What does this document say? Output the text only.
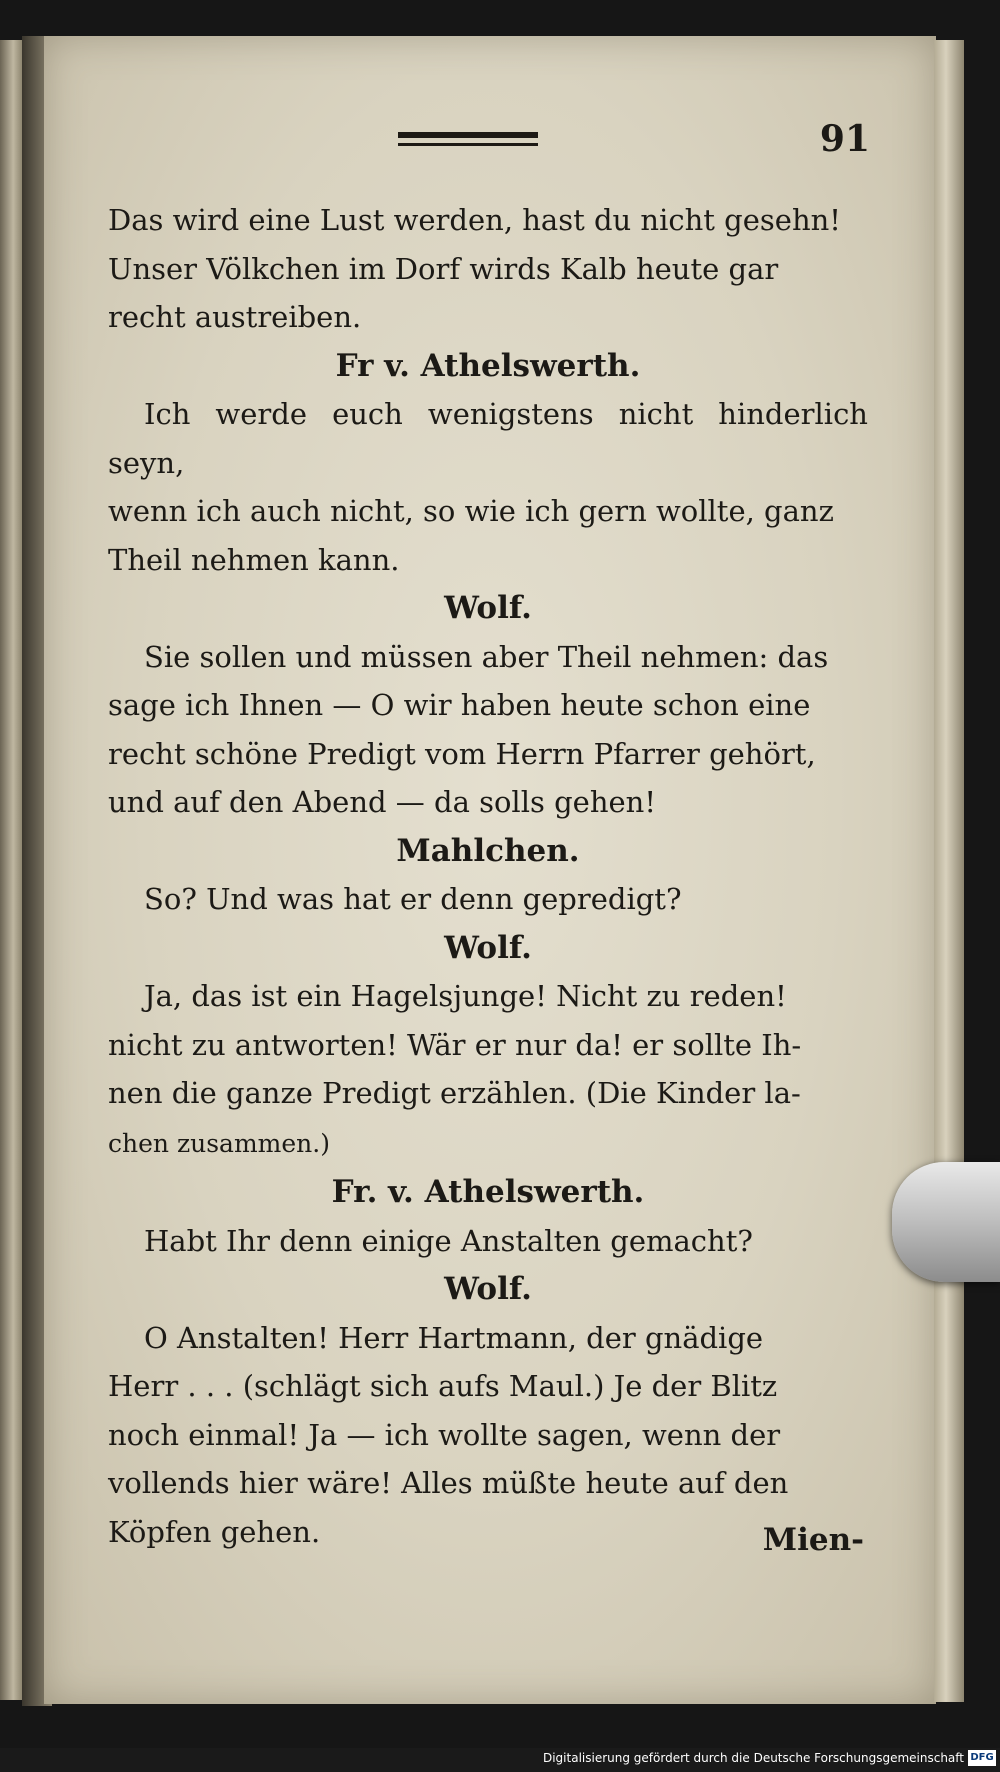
91

Das wird eine Lust werden, hast du nicht gesehn!
Unser Völkchen im Dorf wirds Kalb heute gar
recht austreiben.

Fr v. Athelswerth.

Ich werde euch wenigstens nicht hinderlich seyn,
wenn ich auch nicht, so wie ich gern wollte, ganz
Theil nehmen kann.

Wolf.

Sie sollen und müssen aber Theil nehmen: das
sage ich Ihnen — O wir haben heute schon eine
recht schöne Predigt vom Herrn Pfarrer gehört,
und auf den Abend — da solls gehen!

Mahlchen.

So? Und was hat er denn gepredigt?

Wolf.

Ja, das ist ein Hagelsjunge! Nicht zu reden!
nicht zu antworten! Wär er nur da! er sollte Ih-
nen die ganze Predigt erzählen. (Die Kinder la-
chen zusammen.)

Fr. v. Athelswerth.

Habt Ihr denn einige Anstalten gemacht?

Wolf.

O Anstalten! Herr Hartmann, der gnädige
Herr . . . (schlägt sich aufs Maul.) Je der Blitz
noch einmal! Ja — ich wollte sagen, wenn der
vollends hier wäre! Alles müßte heute auf den
Köpfen gehen.	Mien-
Digitalisierung gefördert durch die Deutsche Forschungsgemeinschaft DFG
